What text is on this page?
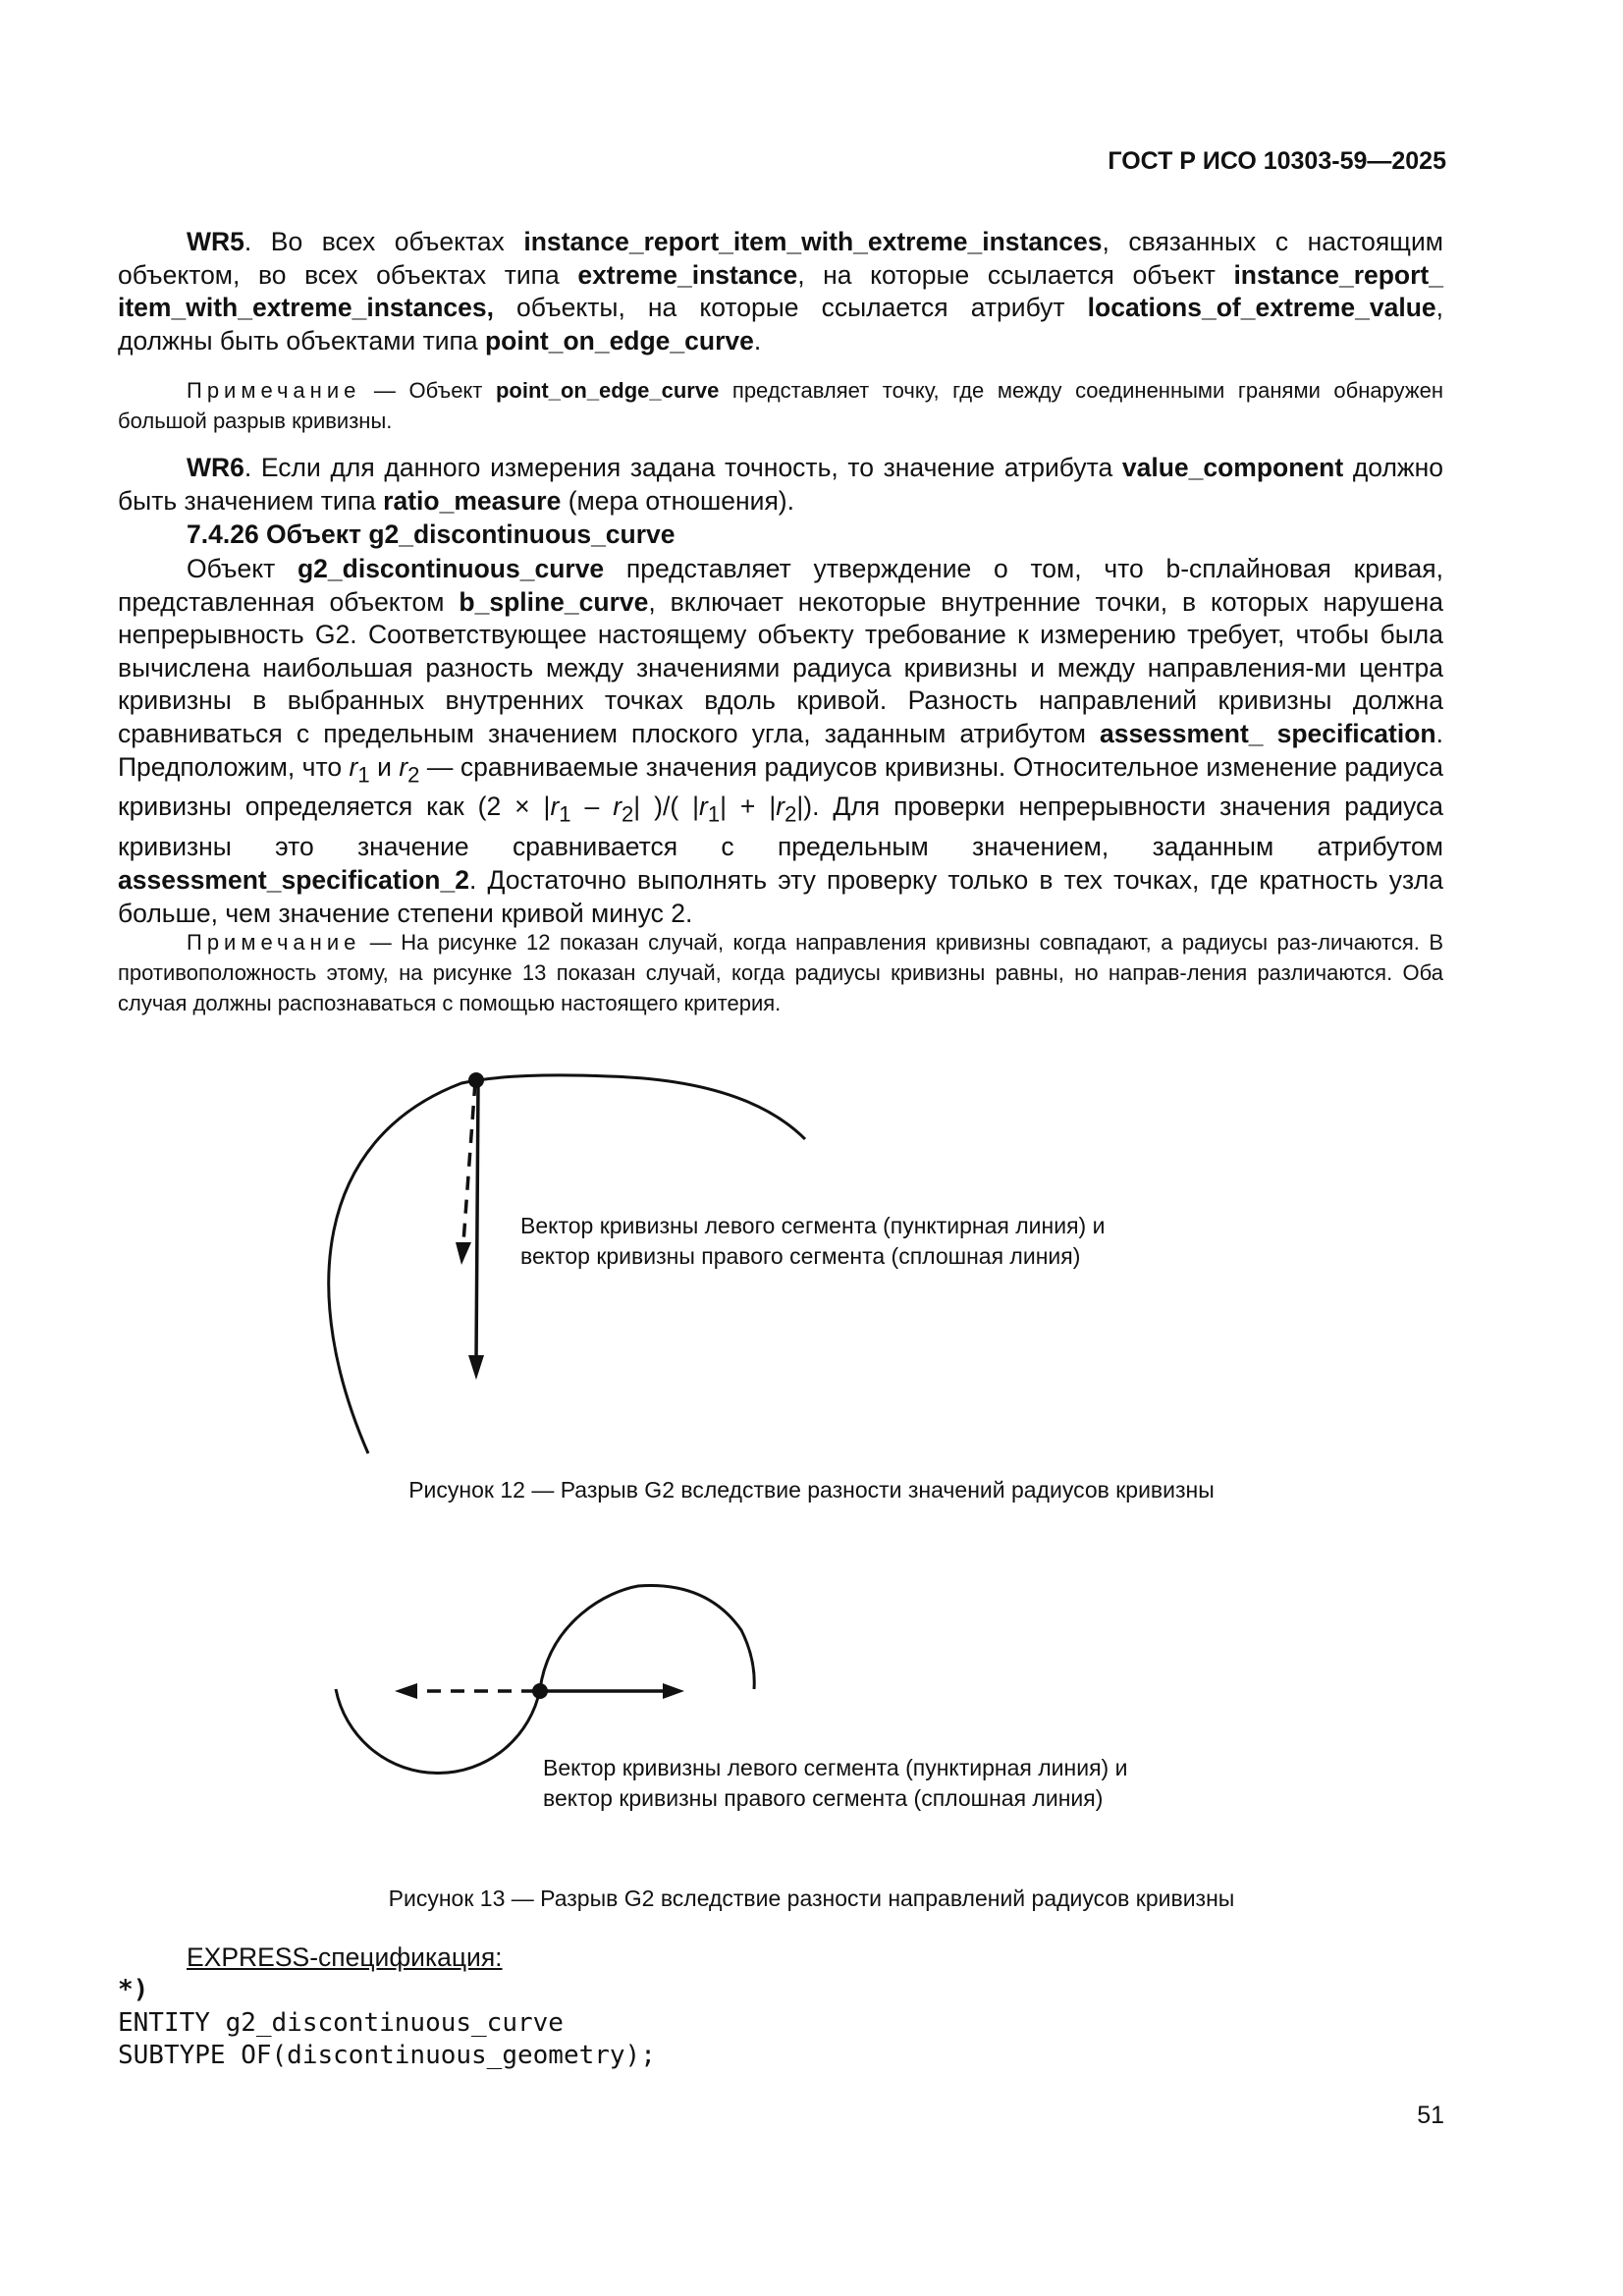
ГОСТ Р ИСО 10303-59—2025

WR5. Во всех объектах instance_report_item_with_extreme_instances, связанных с настоящим объектом, во всех объектах типа extreme_instance, на которые ссылается объект instance_report_ item_with_extreme_instances, объекты, на которые ссылается атрибут locations_of_extreme_value, должны быть объектами типа point_on_edge_curve.

Примечание — Объект point_on_edge_curve представляет точку, где между соединенными гранями обнаружен большой разрыв кривизны.

WR6. Если для данного измерения задана точность, то значение атрибута value_component должно быть значением типа ratio_measure (мера отношения).

7.4.26 Объект g2_discontinuous_curve

Объект g2_discontinuous_curve представляет утверждение о том, что b-сплайновая кривая, представленная объектом b_spline_curve, включает некоторые внутренние точки, в которых нарушена непрерывность G2. Соответствующее настоящему объекту требование к измерению требует, чтобы была вычислена наибольшая разность между значениями радиуса кривизны и между направления-ми центра кривизны в выбранных внутренних точках вдоль кривой. Разность направлений кривизны должна сравниваться с предельным значением плоского угла, заданным атрибутом assessment_ specification. Предположим, что $r_1$ и $r_2$ — сравниваемые значения радиусов кривизны. Относительное изменение радиуса кривизны определяется как ($2 \times |r_1 - r_2|$ )/( $|r_1| + |r_2|$). Для проверки непрерывности значения радиуса кривизны это значение сравнивается с предельным значением, заданным атрибутом assessment_specification_2. Достаточно выполнять эту проверку только в тех точках, где кратность узла больше, чем значение степени кривой минус 2.

Примечание — На рисунке 12 показан случай, когда направления кривизны совпадают, а радиусы раз-личаются. В противоположность этому, на рисунке 13 показан случай, когда радиусы кривизны равны, но направ-ления различаются. Оба случая должны распознаваться с помощью настоящего критерия.

Вектор кривизны левого сегмента (пунктирная линия) и
вектор кривизны правого сегмента (сплошная линия)
Рисунок 12 — Разрыв G2 вследствие разности значений радиусов кривизны
Вектор кривизны левого сегмента (пунктирная линия) и
вектор кривизны правого сегмента (сплошная линия)
Рисунок 13 — Разрыв G2 вследствие разности направлений радиусов кривизны
EXPRESS-спецификация:
*)
ENTITY g2_discontinuous_curve
SUBTYPE OF(discontinuous_geometry);
51
